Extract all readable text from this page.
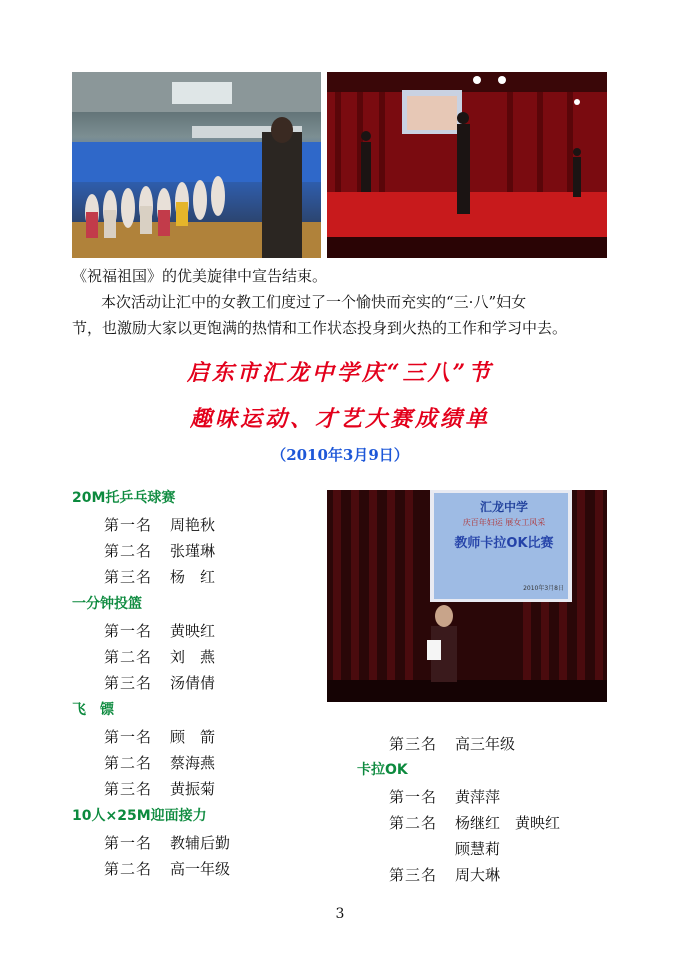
《祝福祖国》的优美旋律中宣告结束。
本次活动让汇中的女教工们度过了一个愉快而充实的“三·八”妇女
节，也激励大家以更饱满的热情和工作状态投身到火热的工作和学习中去。
启东市汇龙中学庆“三八”节
趣味运动、才艺大赛成绩单
（2010年3月9日）
20M托乒乓球赛
第一名 周艳秋
第二名 张瑾琳
第三名 杨　红
一分钟投篮
第一名 黄映红
第二名 刘　燕
第三名 汤倩倩
飞　镖
第一名 顾　箭
第二名 蔡海燕
第三名 黄振菊
10人×25M迎面接力
第一名 教辅后勤
第二名 高一年级
汇龙中学
庆百年妇运 展女工风采
教师卡拉OK比赛
2010年3月8日
第三名 高三年级
卡拉OK
第一名 黄萍萍
第二名 杨继红　黄映红
顾慧莉
第三名 周大琳
3
